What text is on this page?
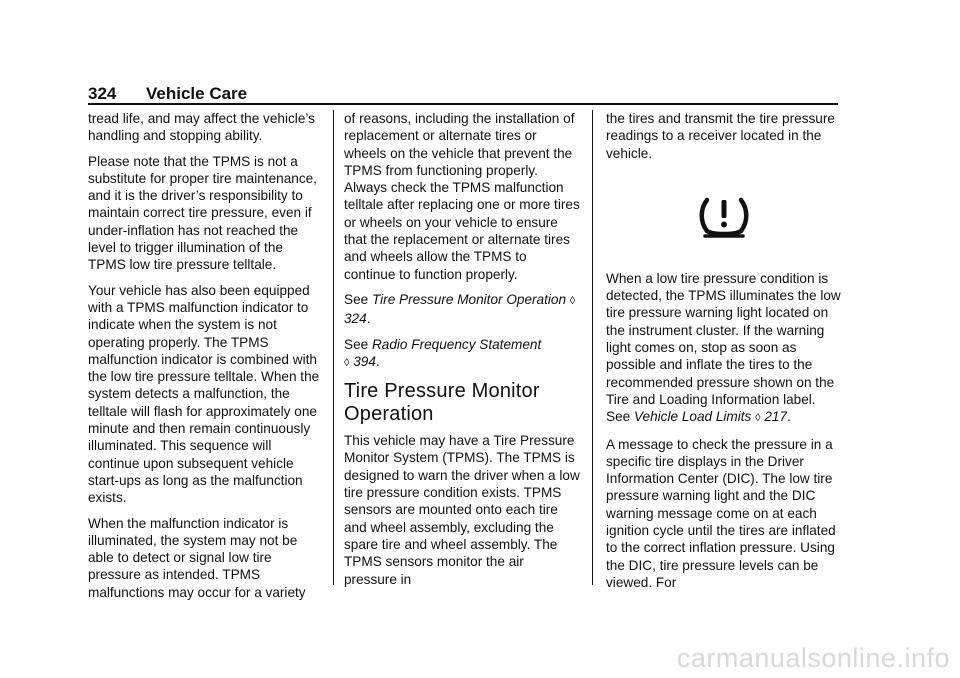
324 Vehicle Care

tread life, and may affect the vehicle’s handling and stopping ability.

Please note that the TPMS is not a substitute for proper tire maintenance, and it is the driver’s responsibility to maintain correct tire pressure, even if under-inflation has not reached the level to trigger illumination of the TPMS low tire pressure telltale.

Your vehicle has also been equipped with a TPMS malfunction indicator to indicate when the system is not operating properly. The TPMS malfunction indicator is combined with the low tire pressure telltale. When the system detects a malfunction, the telltale will flash for approximately one minute and then remain continuously illuminated. This sequence will continue upon subsequent vehicle start-ups as long as the malfunction exists.

When the malfunction indicator is illuminated, the system may not be able to detect or signal low tire pressure as intended. TPMS malfunctions may occur for a variety

of reasons, including the installation of replacement or alternate tires or wheels on the vehicle that prevent the TPMS from functioning properly. Always check the TPMS malfunction telltale after replacing one or more tires or wheels on your vehicle to ensure that the replacement or alternate tires and wheels allow the TPMS to continue to function properly.

See Tire Pressure Monitor Operation ◊ 324.

See Radio Frequency Statement
◊ 394.

Tire Pressure Monitor Operation

This vehicle may have a Tire Pressure Monitor System (TPMS). The TPMS is designed to warn the driver when a low tire pressure condition exists. TPMS sensors are mounted onto each tire and wheel assembly, excluding the spare tire and wheel assembly. The TPMS sensors monitor the air pressure in

the tires and transmit the tire pressure readings to a receiver located in the vehicle.

When a low tire pressure condition is detected, the TPMS illuminates the low tire pressure warning light located on the instrument cluster. If the warning light comes on, stop as soon as possible and inflate the tires to the recommended pressure shown on the Tire and Loading Information label. See Vehicle Load Limits ◊ 217.

A message to check the pressure in a specific tire displays in the Driver Information Center (DIC). The low tire pressure warning light and the DIC warning message come on at each ignition cycle until the tires are inflated to the correct inflation pressure. Using the DIC, tire pressure levels can be viewed. For

carmanualsonline.info
